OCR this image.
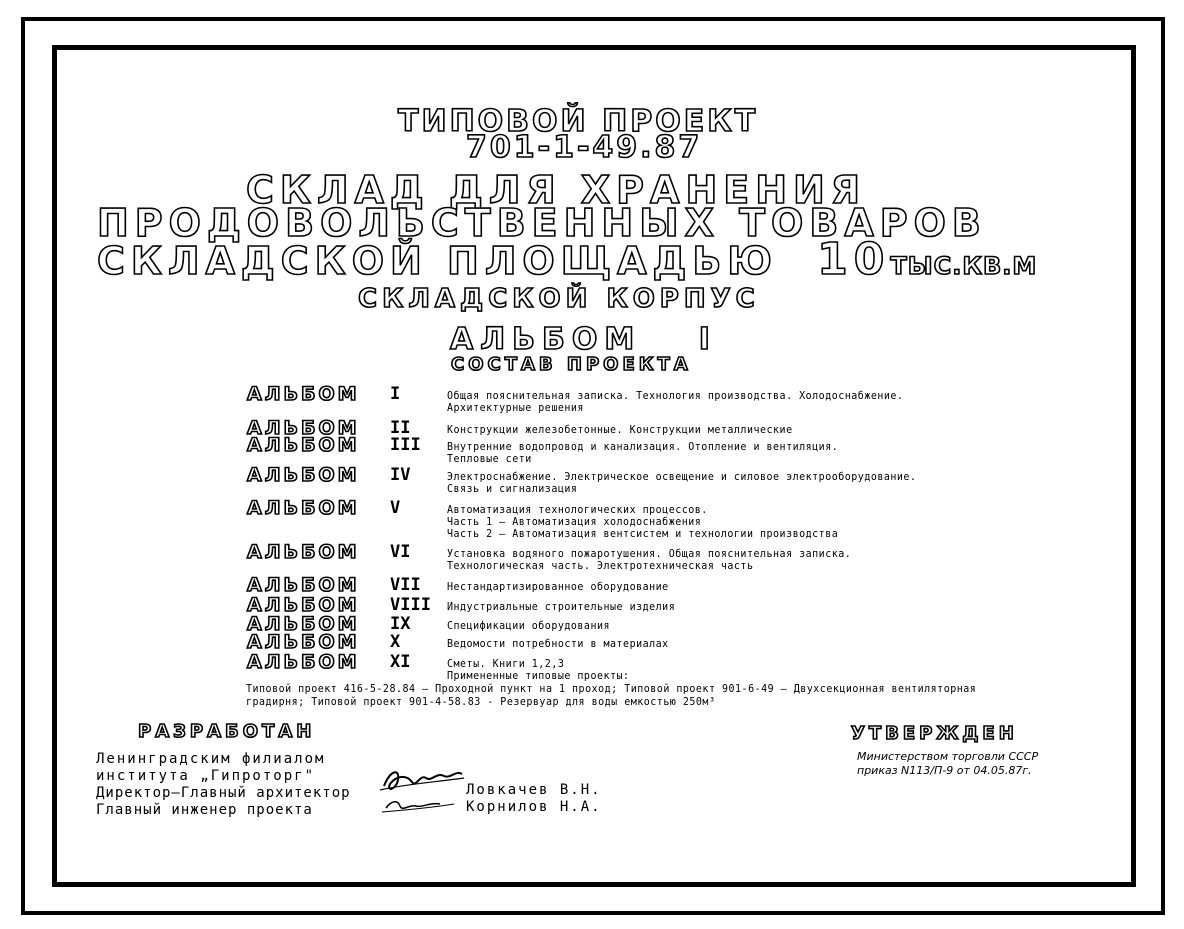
ТИПОВОЙ ПРОЕКТ
701-1-49.87
СКЛАД ДЛЯ ХРАНЕНИЯ
ПРОДОВОЛЬСТВЕННЫХ ТОВАРОВ
СКЛАДСКОЙ ПЛОЩАДЬЮ 10ТЫС.КВ.М
СКЛАДСКОЙ КОРПУС
АЛЬБОМ I
СОСТАВ ПРОЕКТА
АЛЬБОМ I	Общая пояснительная записка. Технология производства. Холодоснабжение.
Архитектурные решения
АЛЬБОМ II	Конструкции железобетонные. Конструкции металлические
АЛЬБОМ III	Внутренние водопровод и канализация. Отопление и вентиляция.
Тепловые сети
АЛЬБОМ IV	Электроснабжение. Электрическое освещение и силовое электрооборудование.
Связь и сигнализация
АЛЬБОМ V	Автоматизация технологических процессов.
Часть 1 – Автоматизация холодоснабжения
Часть 2 – Автоматизация вентсистем и технологии производства
АЛЬБОМ VI	Установка водяного пожаротушения. Общая пояснительная записка.
Технологическая часть. Электротехническая часть
АЛЬБОМ VII	Нестандартизированное оборудование
АЛЬБОМ VIII Индустриальные строительные изделия
АЛЬБОМ IX	Спецификации оборудования
АЛЬБОМ X	Ведомости потребности в материалах
АЛЬБОМ XI	Сметы. Книги 1,2,3
Примененные типовые проекты:
Типовой проект 416-5-28.84 – Проходной пункт на 1 проход; Типовой проект 901-6-49 – Двухсекционная вентиляторная
градирня; Типовой проект 901-4-58.83 - Резервуар для воды емкостью 250м³
РАЗРАБОТАН
Ленинградским филиалом
института „Гипроторг"
Директор–Главный архитектор
Главный инженер проекта
Ловкачев В.Н.
Корнилов Н.А.
УТВЕРЖДЕН
Министерством торговли СССР
приказ N113/П-9 от 04.05.87г.
